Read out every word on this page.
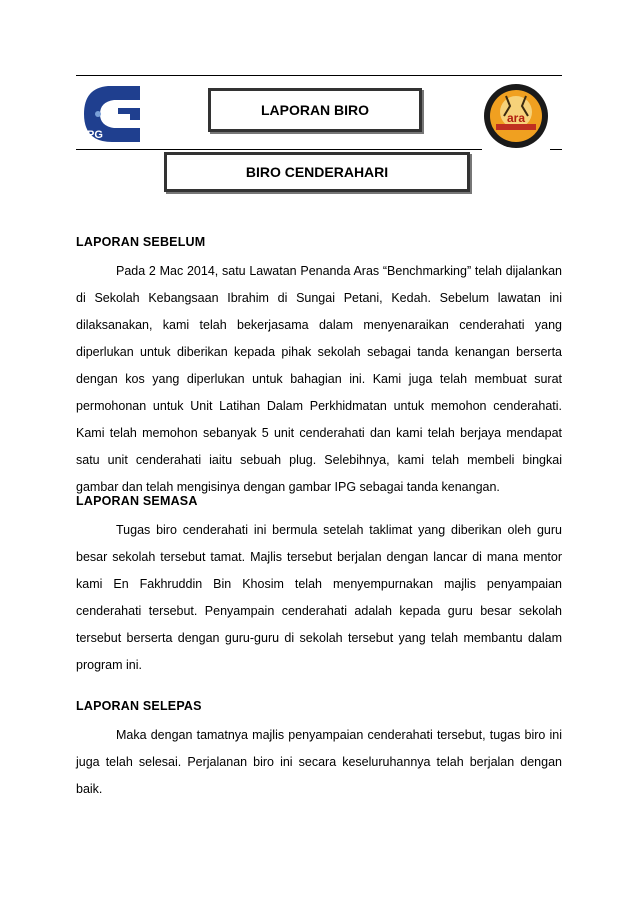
iPG
ara
LAPORAN BIRO
BIRO CENDERAHARI
LAPORAN SEBELUM
Pada 2 Mac 2014, satu Lawatan Penanda Aras “Benchmarking” telah dijalankan di Sekolah Kebangsaan Ibrahim di Sungai Petani, Kedah. Sebelum lawatan ini dilaksanakan, kami telah bekerjasama dalam menyenaraikan cenderahati yang diperlukan untuk diberikan kepada pihak sekolah sebagai tanda kenangan berserta dengan kos yang diperlukan untuk bahagian ini. Kami juga telah membuat surat permohonan untuk Unit Latihan Dalam Perkhidmatan untuk memohon cenderahati. Kami telah memohon sebanyak 5 unit cenderahati dan kami telah berjaya mendapat satu unit cenderahati iaitu sebuah plug. Selebihnya, kami telah membeli bingkai gambar dan telah mengisinya dengan gambar IPG sebagai tanda kenangan.
LAPORAN SEMASA
Tugas biro cenderahati ini bermula setelah taklimat yang diberikan oleh guru besar sekolah tersebut tamat. Majlis tersebut berjalan dengan lancar di mana mentor kami En Fakhruddin Bin Khosim telah menyempurnakan majlis penyampaian cenderahati tersebut. Penyampain cenderahati adalah kepada guru besar sekolah tersebut berserta dengan guru-guru di sekolah tersebut yang telah membantu dalam program ini.
LAPORAN SELEPAS
Maka dengan tamatnya majlis penyampaian cenderahati tersebut, tugas biro ini juga telah selesai. Perjalanan biro ini secara keseluruhannya telah berjalan dengan baik.
